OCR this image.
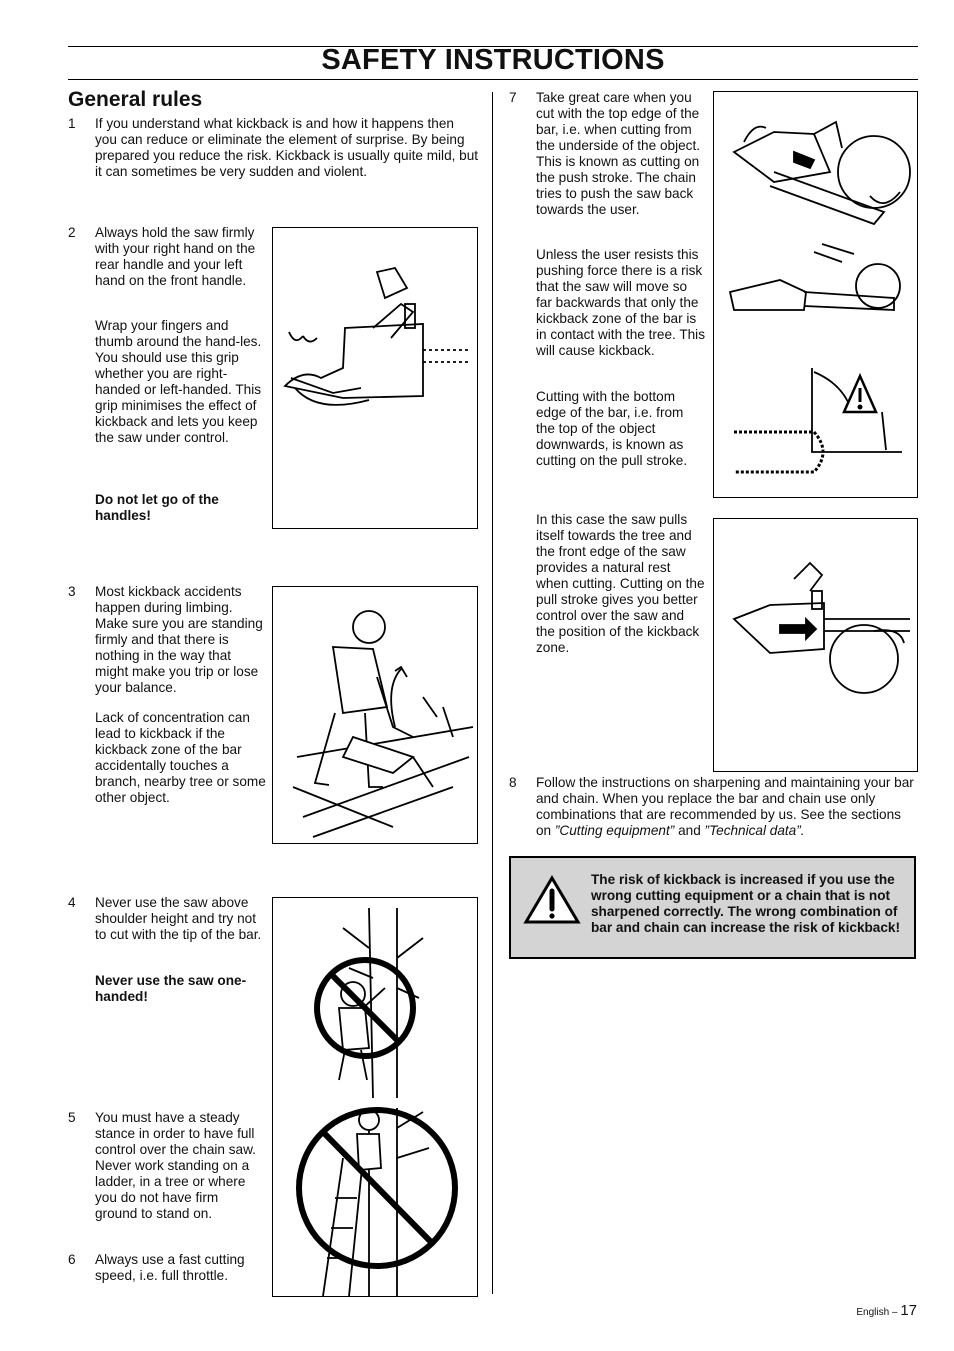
SAFETY INSTRUCTIONS
General rules
1 If you understand what kickback is and how it happens then you can reduce or eliminate the element of surprise. By being prepared you reduce the risk. Kickback is usually quite mild, but it can sometimes be very sudden and violent.
2 Always hold the saw firmly with your right hand on the rear handle and your left hand on the front handle.
Wrap your fingers and thumb around the hand-les. You should use this grip whether you are right-handed or left-handed. This grip minimises the effect of kickback and lets you keep the saw under control.
Do not let go of the handles!
3 Most kickback accidents happen during limbing. Make sure you are standing firmly and that there is nothing in the way that might make you trip or lose your balance.
Lack of concentration can lead to kickback if the kickback zone of the bar accidentally touches a branch, nearby tree or some other object.
4 Never use the saw above shoulder height and try not to cut with the tip of the bar.
Never use the saw one-handed!
5 You must have a steady stance in order to have full control over the chain saw. Never work standing on a ladder, in a tree or where you do not have firm ground to stand on.
6 Always use a fast cutting speed, i.e. full throttle.
7 Take great care when you cut with the top edge of the bar, i.e. when cutting from the underside of the object. This is known as cutting on the push stroke. The chain tries to push the saw back towards the user.
Unless the user resists this pushing force there is a risk that the saw will move so far backwards that only the kickback zone of the bar is in contact with the tree. This will cause kickback.
Cutting with the bottom edge of the bar, i.e. from the top of the object downwards, is known as cutting on the pull stroke.
In this case the saw pulls itself towards the tree and the front edge of the saw provides a natural rest when cutting. Cutting on the pull stroke gives you better control over the saw and the position of the kickback zone.
8 Follow the instructions on sharpening and maintaining your bar and chain. When you replace the bar and chain use only combinations that are recommended by us. See the sections on ”Cutting equipment” and ”Technical data”.
The risk of kickback is increased if you use the wrong cutting equipment or a chain that is not sharpened correctly. The wrong combination of bar and chain can increase the risk of kickback!
English – 17
